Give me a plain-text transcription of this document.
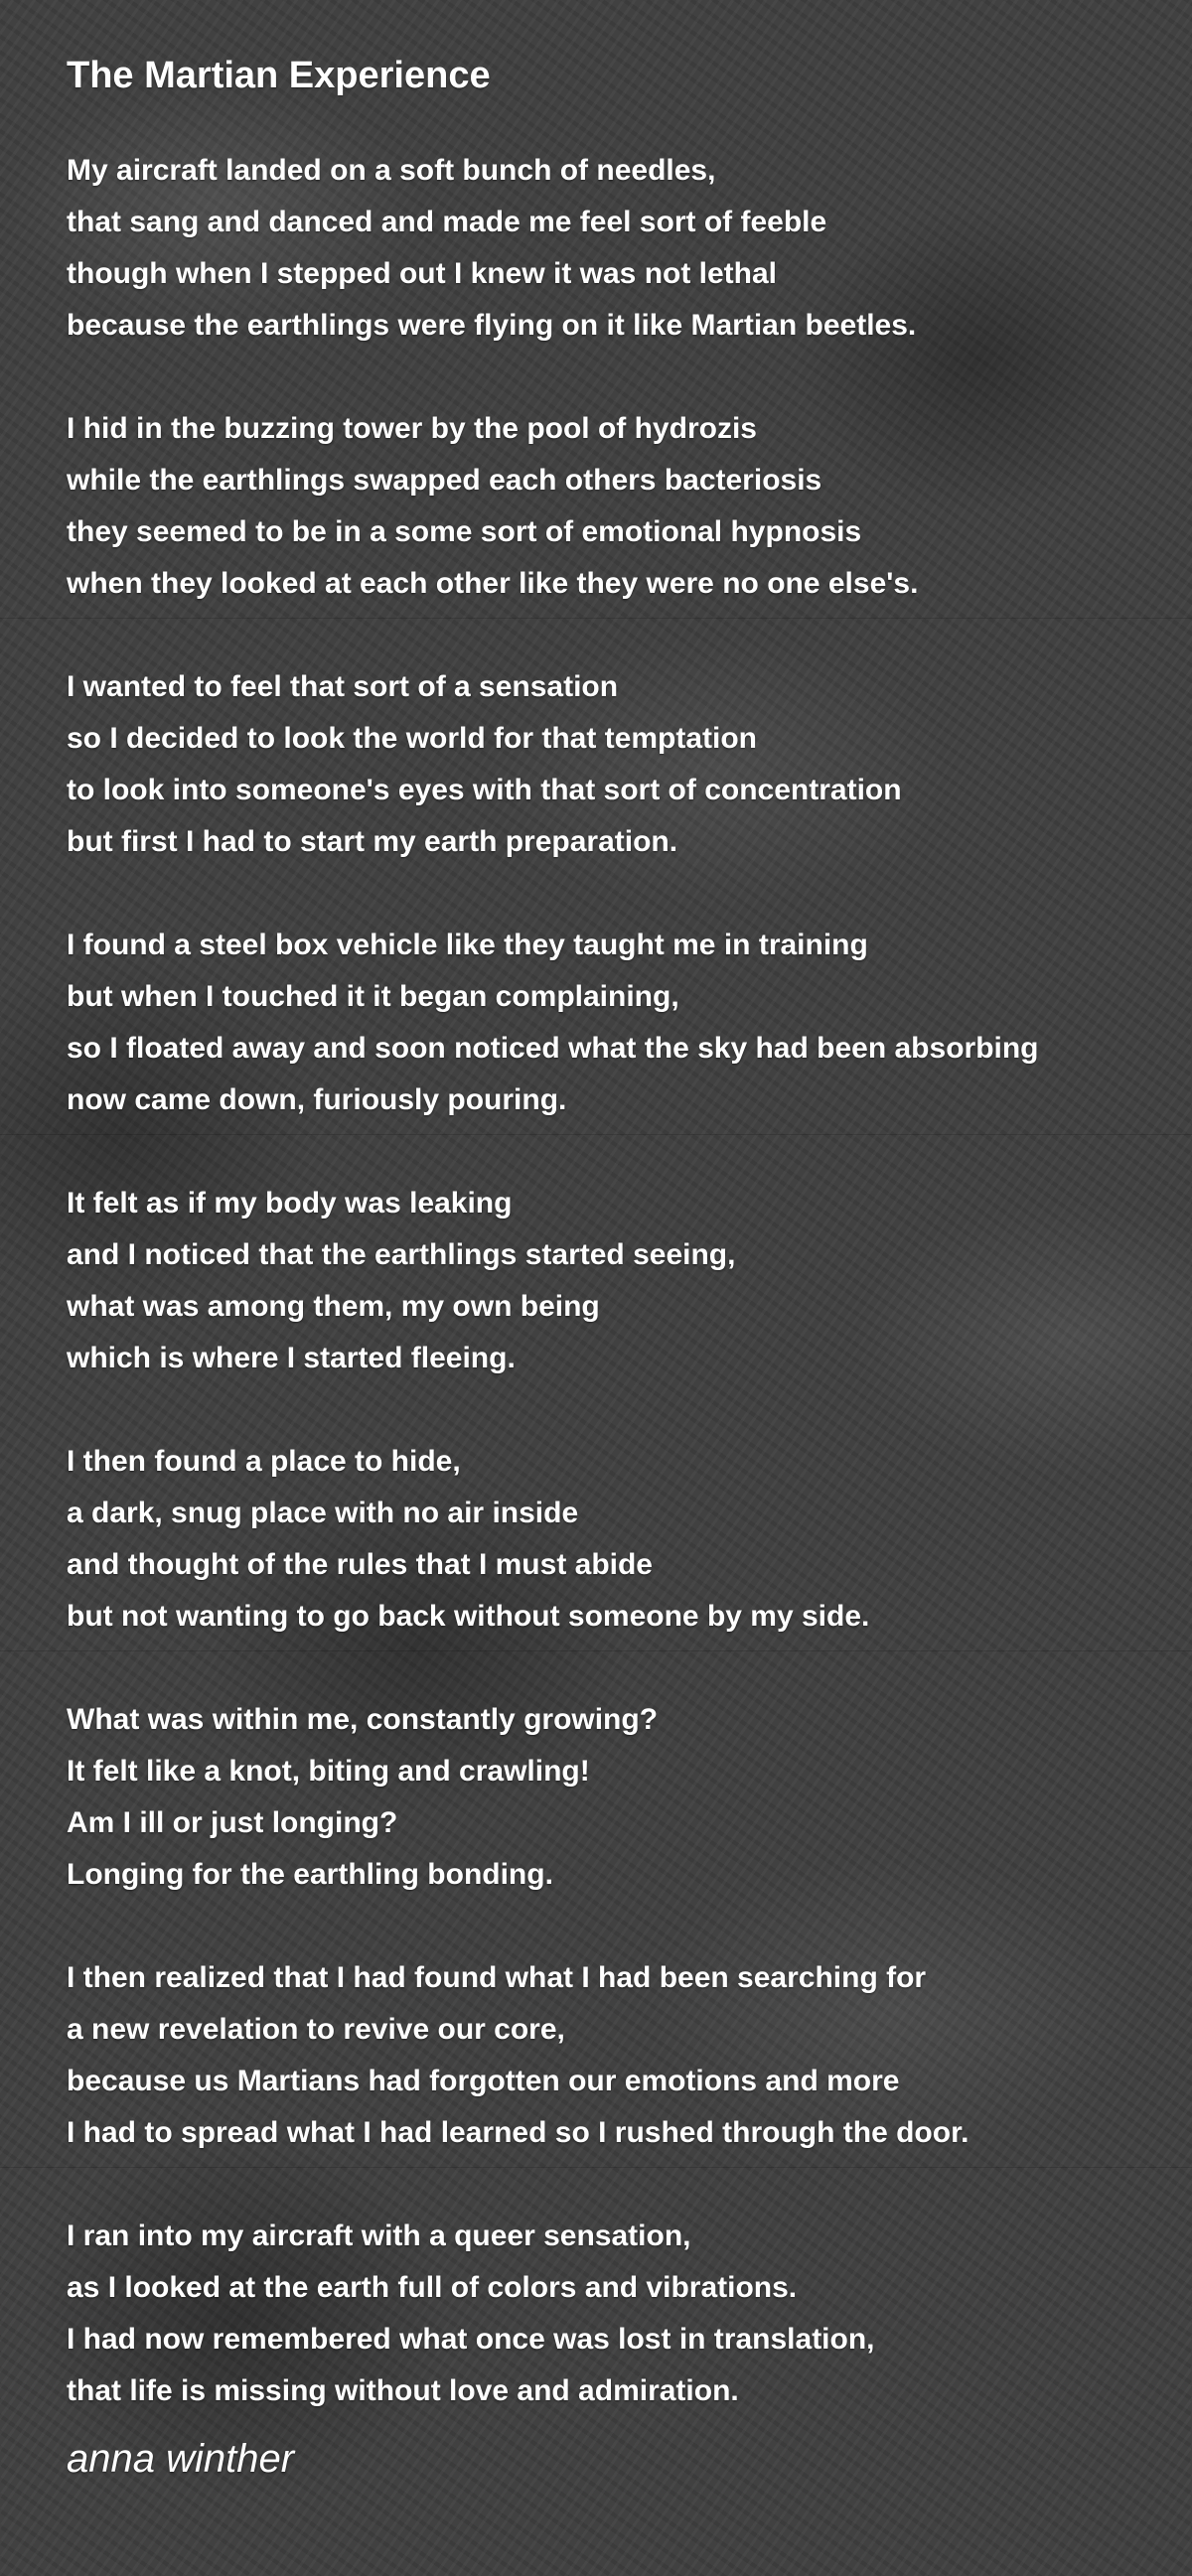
The Martian Experience
My aircraft landed on a soft bunch of needles,
that sang and danced and made me feel sort of feeble
though when I stepped out I knew it was not lethal
because the earthlings were flying on it like Martian beetles.
I hid in the buzzing tower by the pool of hydrozis
while the earthlings swapped each others bacteriosis
they seemed to be in a some sort of emotional hypnosis
when they looked at each other like they were no one else's.
I wanted to feel that sort of a sensation
so I decided to look the world for that temptation
to look into someone's eyes with that sort of concentration
but first I had to start my earth preparation.
I found a steel box vehicle like they taught me in training
but when I touched it it began complaining,
so I floated away and soon noticed what the sky had been absorbing
now came down, furiously pouring.
It felt as if my body was leaking
and I noticed that the earthlings started seeing,
what was among them, my own being
which is where I started fleeing.
I then found a place to hide,
a dark, snug place with no air inside
and thought of the rules that I must abide
but not wanting to go back without someone by my side.
What was within me, constantly growing?
It felt like a knot, biting and crawling!
Am I ill or just longing?
Longing for the earthling bonding.
I then realized that I had found what I had been searching for
a new revelation to revive our core,
because us Martians had forgotten our emotions and more
I had to spread what I had learned so I rushed through the door.
I ran into my aircraft with a queer sensation,
as I looked at the earth full of colors and vibrations.
I had now remembered what once was lost in translation,
that life is missing without love and admiration.
anna winther
